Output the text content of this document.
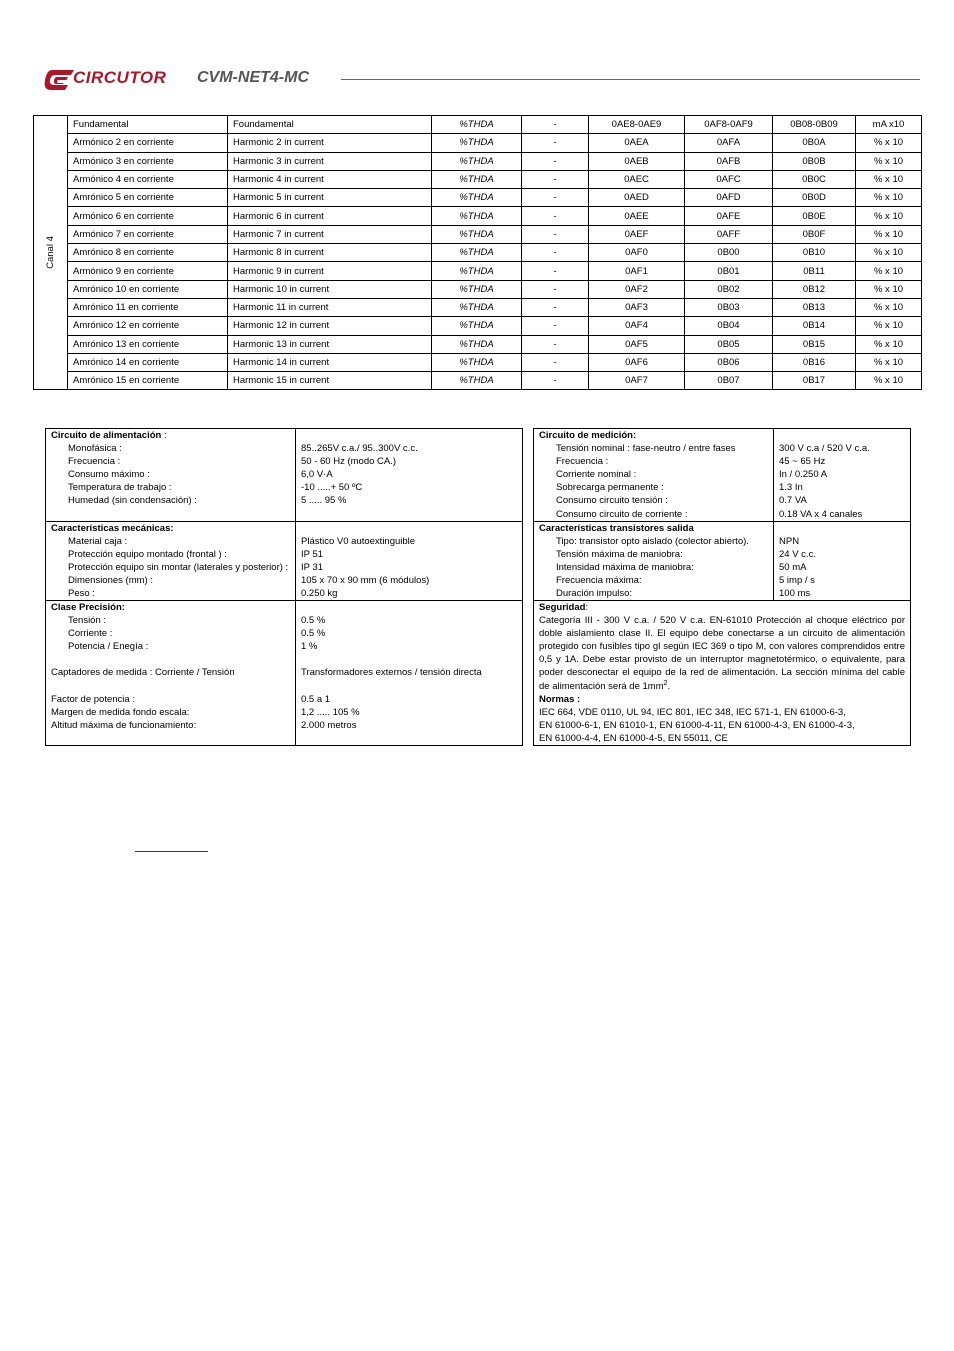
CIRCUTOR CVM-NET4-MC
Canal 4	Fundamental	Foundamental	%THDA	-	0AE8-0AE9	0AF8-0AF9	0B08-0B09	mA x10
	Armónico 2 en corriente	Harmonic 2 in current	%THDA	-	0AEA	0AFA	0B0A	% x 10
	Armónico 3 en corriente	Harmonic 3 in current	%THDA	-	0AEB	0AFB	0B0B	% x 10
	Armónico 4 en corriente	Harmonic 4 in current	%THDA	-	0AEC	0AFC	0B0C	% x 10
	Amrónico 5 en corriente	Harmonic 5 in current	%THDA	-	0AED	0AFD	0B0D	% x 10
	Armónico 6 en corriente	Harmonic 6 in current	%THDA	-	0AEE	0AFE	0B0E	% x 10
	Armónico 7 en corriente	Harmonic 7 in current	%THDA	-	0AEF	0AFF	0B0F	% x 10
	Amrónico 8 en corriente	Harmonic 8 in current	%THDA	-	0AF0	0B00	0B10	% x 10
	Armónico 9 en corriente	Harmonic 9 in current	%THDA	-	0AF1	0B01	0B11	% x 10
	Amrónico 10 en corriente	Harmonic 10 in current	%THDA	-	0AF2	0B02	0B12	% x 10
	Amrónico 11 en corriente	Harmonic 11 in current	%THDA	-	0AF3	0B03	0B13	% x 10
	Amrónico 12 en corriente	Harmonic 12 in current	%THDA	-	0AF4	0B04	0B14	% x 10
	Amrónico 13 en corriente	Harmonic 13 in current	%THDA	-	0AF5	0B05	0B15	% x 10
	Amrónico 14 en corriente	Harmonic 14 in current	%THDA	-	0AF6	0B06	0B16	% x 10
	Amrónico 15 en corriente	Harmonic 15 in current	%THDA	-	0AF7	0B07	0B17	% x 10
Circuito de alimentación :
Monofásica :	85..265V c.a./ 95..300V c.c.
Frecuencia :	50 - 60 Hz (modo CA.)
Consumo máximo :	6,0 V·A
Temperatura de trabajo :	-10 .....+ 50 ºC
Humedad (sin condensación) :	5 ..... 95 %
Características mecánicas:
Material caja :	Plástico V0 autoextinguible
Protección equipo montado (frontal ) :	IP 51
Protección equipo sin montar (laterales y posterior) :	IP 31
Dimensiones (mm) :	105 x 70 x 90 mm (6 módulos)
Peso :	0.250 kg
Clase Precisión:
Tensión :	0.5 %
Corriente :	0.5 %
Potencia / Enegía :	1 %
Captadores de medida : Corriente / Tensión	Transformadores externos / tensión directa
Factor de potencia :	0.5 a 1
Margen de medida fondo escala:	1,2 ..... 105 %
Altitud máxima de funcionamiento:	2.000 metros
Circuito de medición:
Tensión nominal : fase-neutro / entre fases	300 V c.a / 520 V c.a.
Frecuencia :	45 ~ 65 Hz
Corriente nominal :	In / 0.250 A
Sobrecarga permanente :	1.3 In
Consumo circuito tensión :	0.7 VA
Consumo circuito de corriente :	0.18 VA x 4 canales
Características transistores salida
Tipo: transistor opto aislado (colector abierto).	NPN
Tensión máxima de maniobra:	24 V c.c.
Intensidad máxima de maniobra:	50 mA
Frecuencia máxima:	5 imp / s
Duración impulso:	100 ms
Seguridad:
Categoría III - 300 V c.a. / 520 V c.a. EN-61010 Protección al choque eléctrico por doble aislamiento clase II. El equipo debe conectarse a un circuito de alimentación protegido con fusibles tipo gl según IEC 369 o tipo M, con valores comprendidos entre 0,5 y 1A. Debe estar provisto de un interruptor magnetotérmico, o equivalente, para poder desconectar el equipo de la red de alimentación. La sección mínima del cable de alimentación será de $1mm^2$.
Normas :
IEC 664, VDE 0110, UL 94, IEC 801, IEC 348, IEC 571-1, EN 61000-6-3,
EN 61000-6-1, EN 61010-1, EN 61000-4-11, EN 61000-4-3, EN 61000-4-3,
EN 61000-4-4, EN 61000-4-5, EN 55011, CE
